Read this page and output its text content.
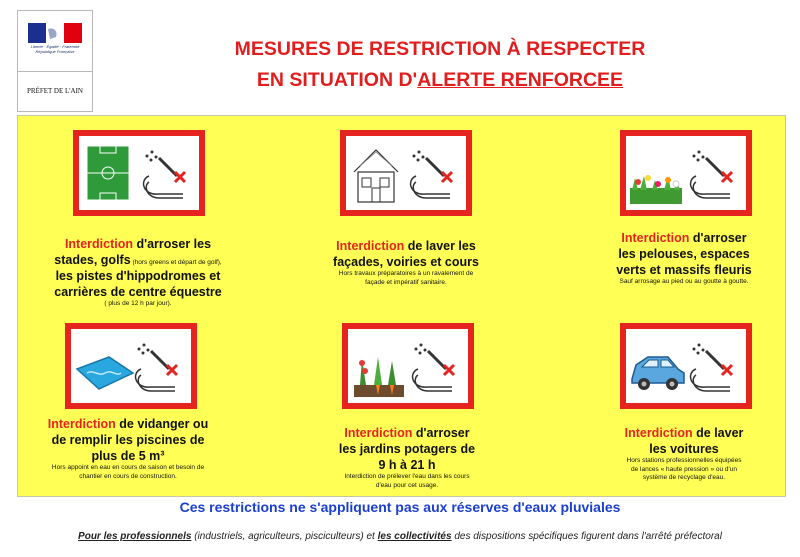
Liberté · Égalité · Fraternité
République Française
PRÉFET DE L'AIN
MESURES DE RESTRICTION À RESPECTER
EN SITUATION D'ALERTE RENFORCEE
Interdiction d'arroser les
stades, golfs (hors greens et départ de golf),
les pistes d'hippodromes et
carrières de centre équestre
( plus de 12 h par jour).
Interdiction de laver les
façades, voiries et cours
Hors travaux préparatoires à un ravalement de
façade et impératif sanitaire.
Interdiction d'arroser
les pelouses, espaces
verts et massifs fleuris
Sauf arrosage au pied ou au goutte à goutte.
Interdiction de vidanger ou
de remplir les piscines de
plus de 5 m³
Hors appoint en eau en cours de saison et besoin de
chantier en cours de construction.
Interdiction d'arroser
les jardins potagers de
9 h à 21 h
Interdiction de prélever l'eau dans les cours
d'eau pour cet usage.
Interdiction de laver
les voitures
Hors stations professionnelles équipées
de lances « haute pression » ou d'un
système de recyclage d'eau.
Ces restrictions ne s'appliquent pas aux réserves d'eaux pluviales
Pour les professionnels (industriels, agriculteurs, pisciculteurs) et les collectivités des dispositions spécifiques figurent dans l'arrêté préfectoral
